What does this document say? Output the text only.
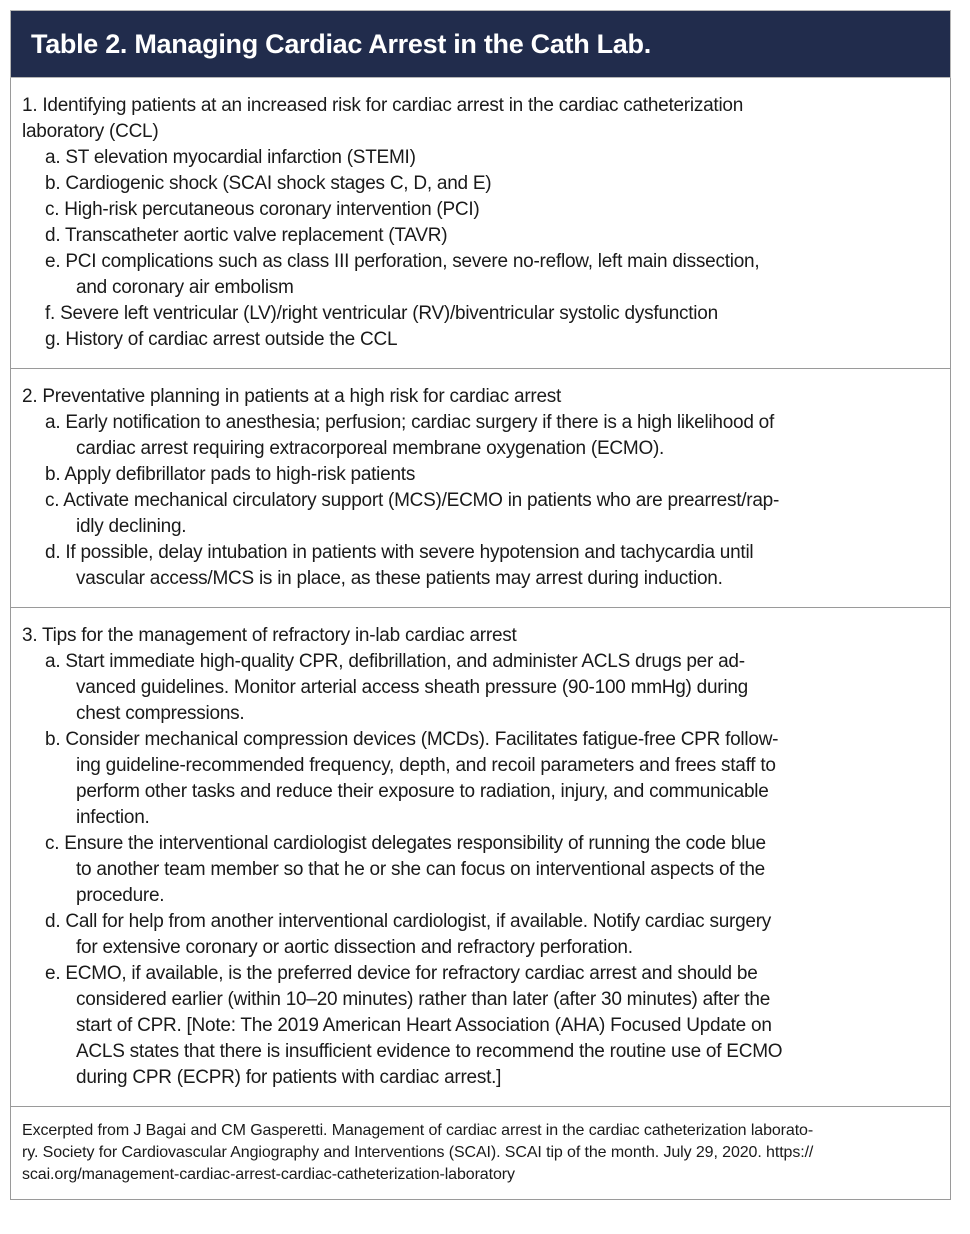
Table 2. Managing Cardiac Arrest in the Cath Lab.
1. Identifying patients at an increased risk for cardiac arrest in the cardiac catheterization
laboratory (CCL)
a. ST elevation myocardial infarction (STEMI)
b. Cardiogenic shock (SCAI shock stages C, D, and E)
c. High-risk percutaneous coronary intervention (PCI)
d. Transcatheter aortic valve replacement (TAVR)
e. PCI complications such as class III perforation, severe no-reflow, left main dissection,
and coronary air embolism
f. Severe left ventricular (LV)/right ventricular (RV)/biventricular systolic dysfunction
g. History of cardiac arrest outside the CCL
2. Preventative planning in patients at a high risk for cardiac arrest
a. Early notification to anesthesia; perfusion; cardiac surgery if there is a high likelihood of
cardiac arrest requiring extracorporeal membrane oxygenation (ECMO).
b. Apply defibrillator pads to high-risk patients
c. Activate mechanical circulatory support (MCS)/ECMO in patients who are prearrest/rap-
idly declining.
d. If possible, delay intubation in patients with severe hypotension and tachycardia until
vascular access/MCS is in place, as these patients may arrest during induction.
3. Tips for the management of refractory in-lab cardiac arrest
a. Start immediate high-quality CPR, defibrillation, and administer ACLS drugs per ad-
vanced guidelines. Monitor arterial access sheath pressure (90-100 mmHg) during
chest compressions.
b. Consider mechanical compression devices (MCDs). Facilitates fatigue-free CPR follow-
ing guideline-recommended frequency, depth, and recoil parameters and frees staff to
perform other tasks and reduce their exposure to radiation, injury, and communicable
infection.
c. Ensure the interventional cardiologist delegates responsibility of running the code blue
to another team member so that he or she can focus on interventional aspects of the
procedure.
d. Call for help from another interventional cardiologist, if available. Notify cardiac surgery
for extensive coronary or aortic dissection and refractory perforation.
e. ECMO, if available, is the preferred device for refractory cardiac arrest and should be
considered earlier (within 10–20 minutes) rather than later (after 30 minutes) after the
start of CPR. [Note: The 2019 American Heart Association (AHA) Focused Update on
ACLS states that there is insufficient evidence to recommend the routine use of ECMO
during CPR (ECPR) for patients with cardiac arrest.]
Excerpted from J Bagai and CM Gasperetti. Management of cardiac arrest in the cardiac catheterization laborato-
ry. Society for Cardiovascular Angiography and Interventions (SCAI). SCAI tip of the month. July 29, 2020. https://
scai.org/management-cardiac-arrest-cardiac-catheterization-laboratory
